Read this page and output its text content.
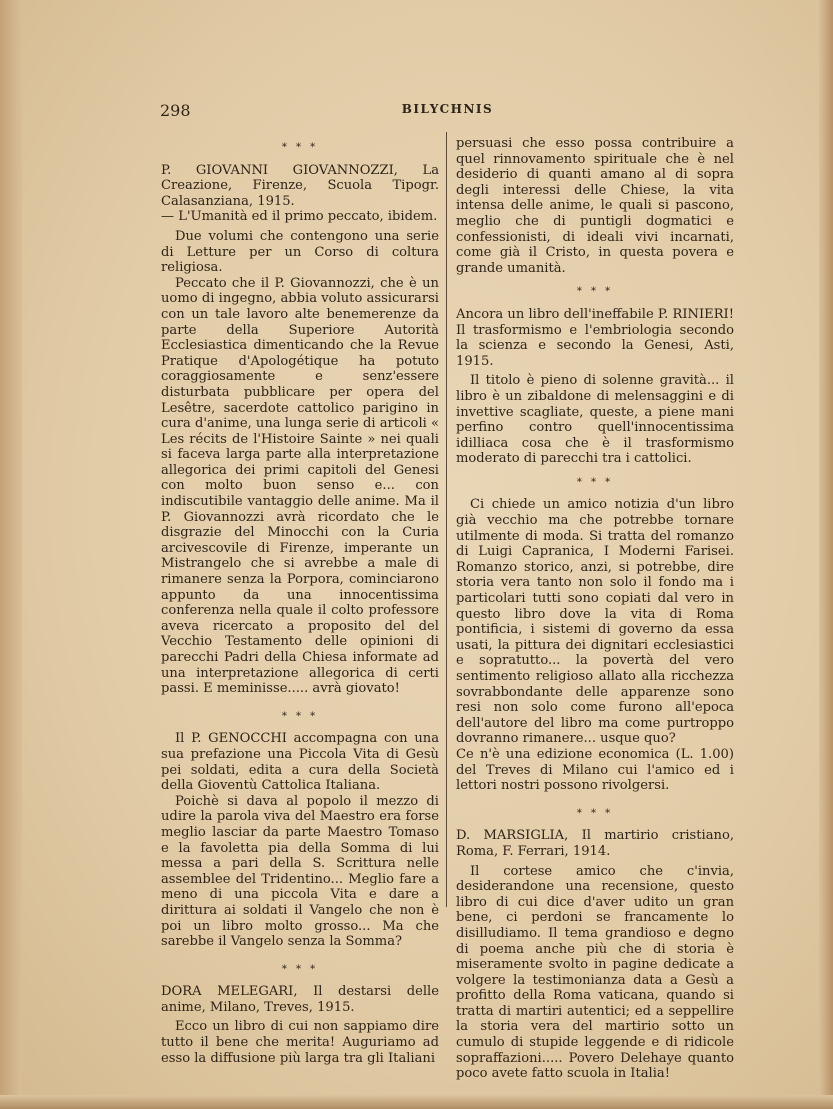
298	BILYCHNIS
* * *

P. GIOVANNI GIOVANNOZZI, La Creazione, Firenze, Scuola Tipogr. Calasanziana, 1915.

— L'Umanità ed il primo peccato, ibidem.

Due volumi che contengono una serie di Letture per un Corso di coltura religiosa.

Peccato che il P. Giovannozzi, che è un uomo di ingegno, abbia voluto assicurarsi con un tale lavoro alte benemerenze da parte della Superiore Autorità Ecclesiastica dimenticando che la Revue Pratique d'Apologétique ha potuto coraggiosamente e senz'essere disturbata pubblicare per opera del Lesêtre, sacerdote cattolico parigino in cura d'anime, una lunga serie di articoli « Les récits de l'Histoire Sainte » nei quali si faceva larga parte alla interpretazione allegorica dei primi capitoli del Genesi con molto buon senso e... con indiscutibile vantaggio delle anime. Ma il P. Giovannozzi avrà ricordato che le disgrazie del Minocchi con la Curia arcivescovile di Firenze, imperante un Mistrangelo che si avrebbe a male di rimanere senza la Porpora, cominciarono appunto da una innocentissima conferenza nella quale il colto professore aveva ricercato a proposito del del Vecchio Testamento delle opinioni di parecchi Padri della Chiesa informate ad una interpretazione allegorica di certi passi. E meminisse..... avrà giovato!

* * *

Il P. GENOCCHI accompagna con una sua prefazione una Piccola Vita di Gesù pei soldati, edita a cura della Società della Gioventù Cattolica Italiana.

Poichè si dava al popolo il mezzo di udire la parola viva del Maestro era forse meglio lasciar da parte Maestro Tomaso e la favoletta pia della Somma di lui messa a pari della S. Scrittura nelle assemblee del Tridentino... Meglio fare a meno di una piccola Vita e dare a dirittura ai soldati il Vangelo che non è poi un libro molto grosso... Ma che sarebbe il Vangelo senza la Somma?

* * *

DORA MELEGARI, Il destarsi delle anime, Milano, Treves, 1915.

Ecco un libro di cui non sappiamo dire tutto il bene che merita! Auguriamo ad esso la diffusione più larga tra gli Italiani

persuasi che esso possa contribuire a quel rinnovamento spirituale che è nel desiderio di quanti amano al di sopra degli interessi delle Chiese, la vita intensa delle anime, le quali si pascono, meglio che di puntigli dogmatici e confessionisti, di ideali vivi incarnati, come già il Cristo, in questa povera e grande umanità.

* * *

Ancora un libro dell'ineffabile P. RINIERI! Il trasformismo e l'embriologia secondo la scienza e secondo la Genesi, Asti, 1915.

Il titolo è pieno di solenne gravità... il libro è un zibaldone di melensaggini e di invettive scagliate, queste, a piene mani perfino contro quell'innocentissima idilliaca cosa che è il trasformismo moderato di parecchi tra i cattolici.

* * *

Ci chiede un amico notizia d'un libro già vecchio ma che potrebbe tornare utilmente di moda. Si tratta del romanzo di Luigi Capranica, I Moderni Farisei. Romanzo storico, anzi, si potrebbe, dire storia vera tanto non solo il fondo ma i particolari tutti sono copiati dal vero in questo libro dove la vita di Roma pontificia, i sistemi di governo da essa usati, la pittura dei dignitari ecclesiastici e sopratutto... la povertà del vero sentimento religioso allato alla ricchezza sovrabbondante delle apparenze sono resi non solo come furono all'epoca dell'autore del libro ma come purtroppo dovranno rimanere... usque quo?

Ce n'è una edizione economica (L. 1.00) del Treves di Milano cui l'amico ed i lettori nostri possono rivolgersi.

* * *

D. MARSIGLIA, Il martirio cristiano, Roma, F. Ferrari, 1914.

Il cortese amico che c'invia, desiderandone una recensione, questo libro di cui dice d'aver udito un gran bene, ci perdoni se francamente lo disilludiamo. Il tema grandioso e degno di poema anche più che di storia è miseramente svolto in pagine dedicate a volgere la testimonianza data a Gesù a profitto della Roma vaticana, quando si tratta di martiri autentici; ed a seppellire la storia vera del martirio sotto un cumulo di stupide leggende e di ridicole sopraffazioni..... Povero Delehaye quanto poco avete fatto scuola in Italia!
